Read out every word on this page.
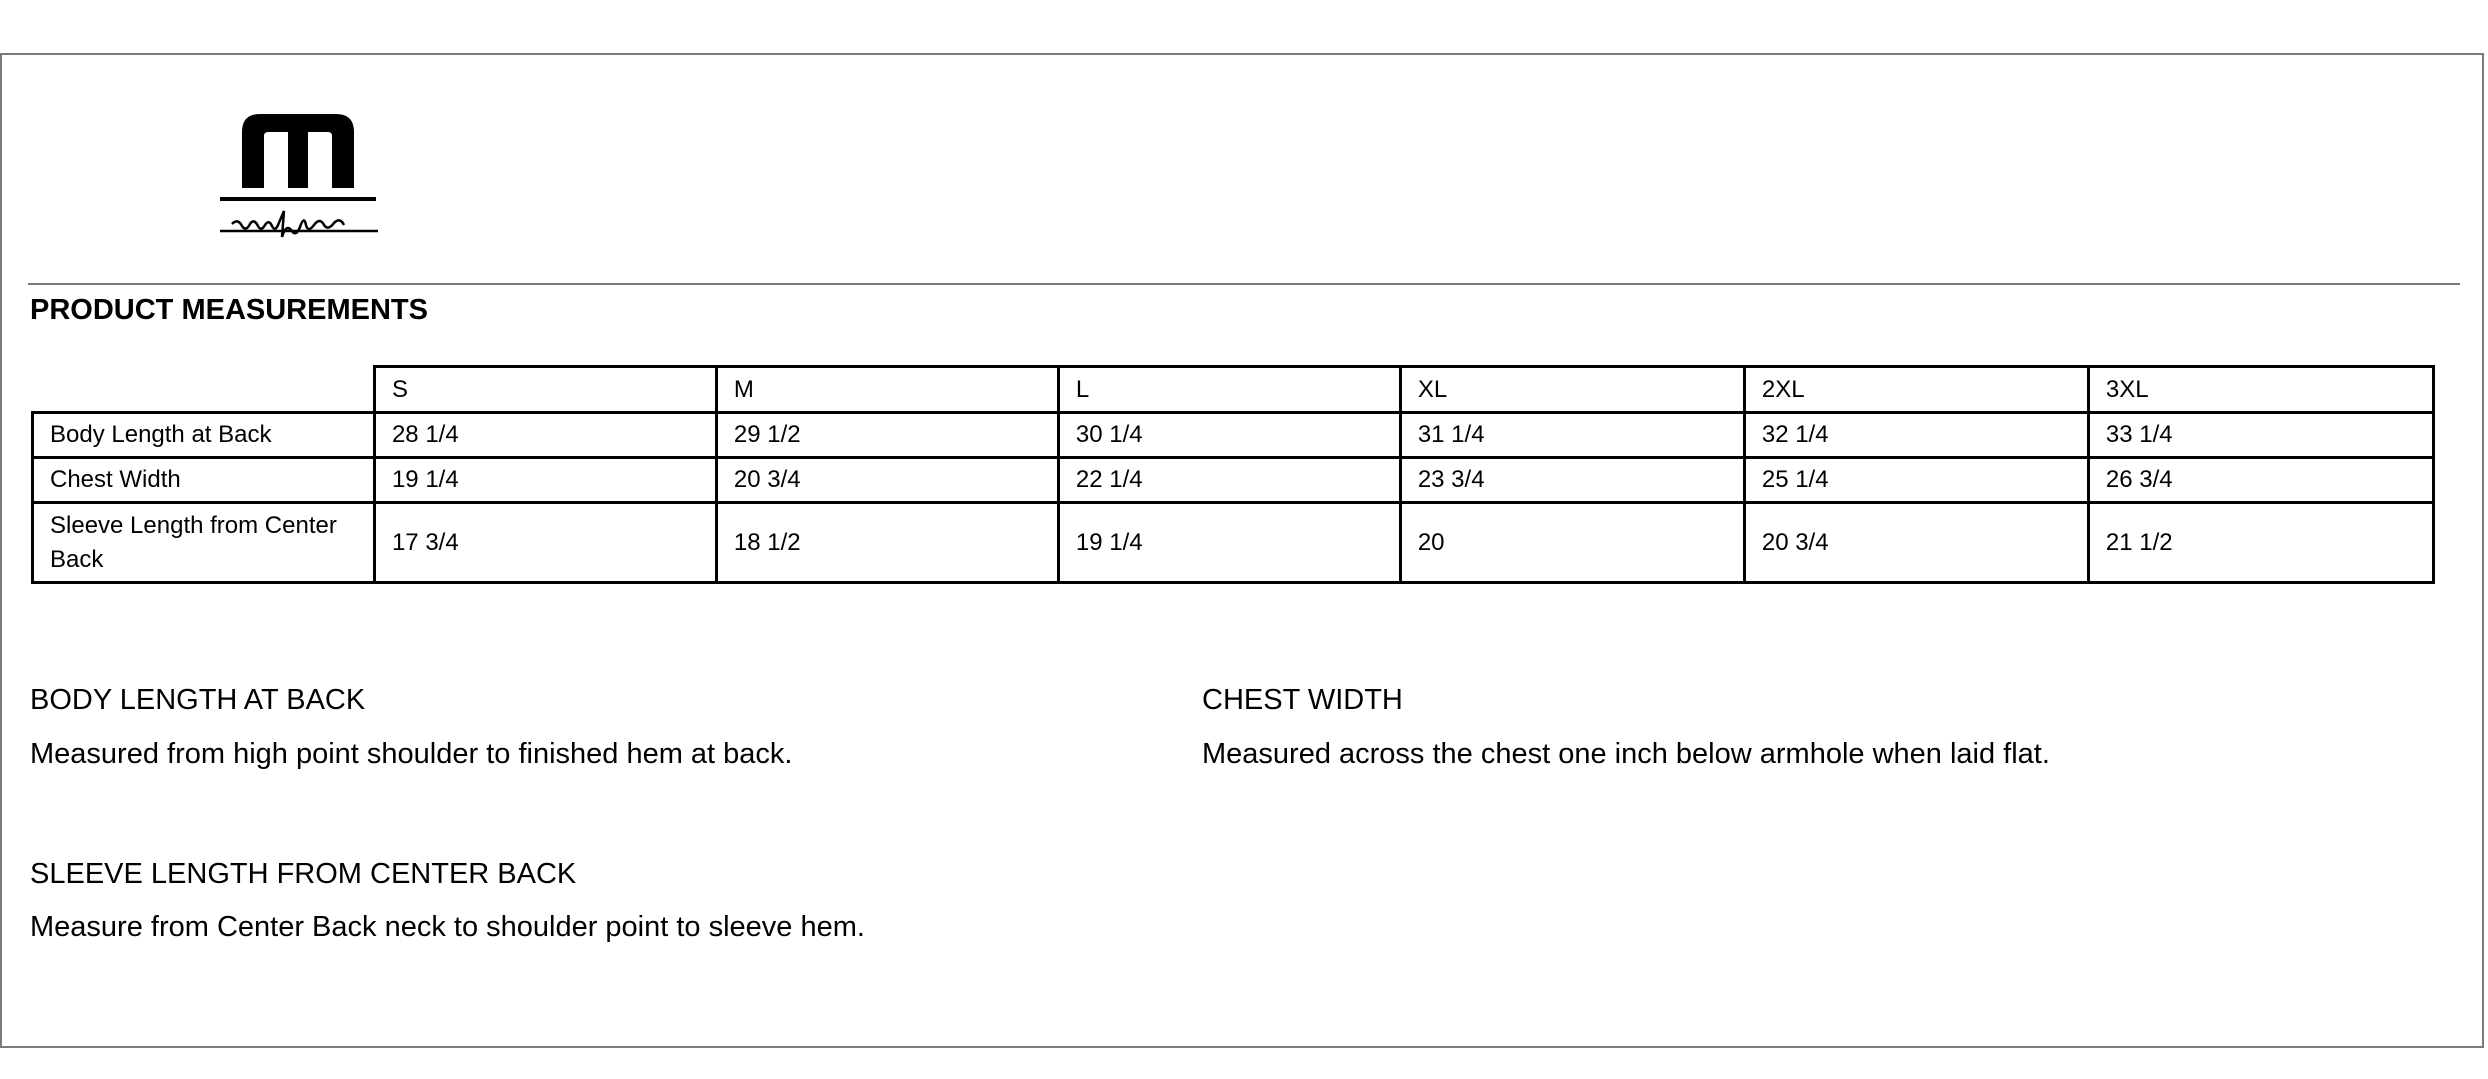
PRODUCT MEASUREMENTS
	S	M	L	XL	2XL	3XL
Body Length at Back	28 1/4	29 1/2	30 1/4	31 1/4	32 1/4	33 1/4
Chest Width	19 1/4	20 3/4	22 1/4	23 3/4	25 1/4	26 3/4
Sleeve Length from Center Back	17 3/4	18 1/2	19 1/4	20	20 3/4	21 1/2
BODY LENGTH AT BACK
Measured from high point shoulder to finished hem at back.
CHEST WIDTH
Measured across the chest one inch below armhole when laid flat.
SLEEVE LENGTH FROM CENTER BACK
Measure from Center Back neck to shoulder point to sleeve hem.
